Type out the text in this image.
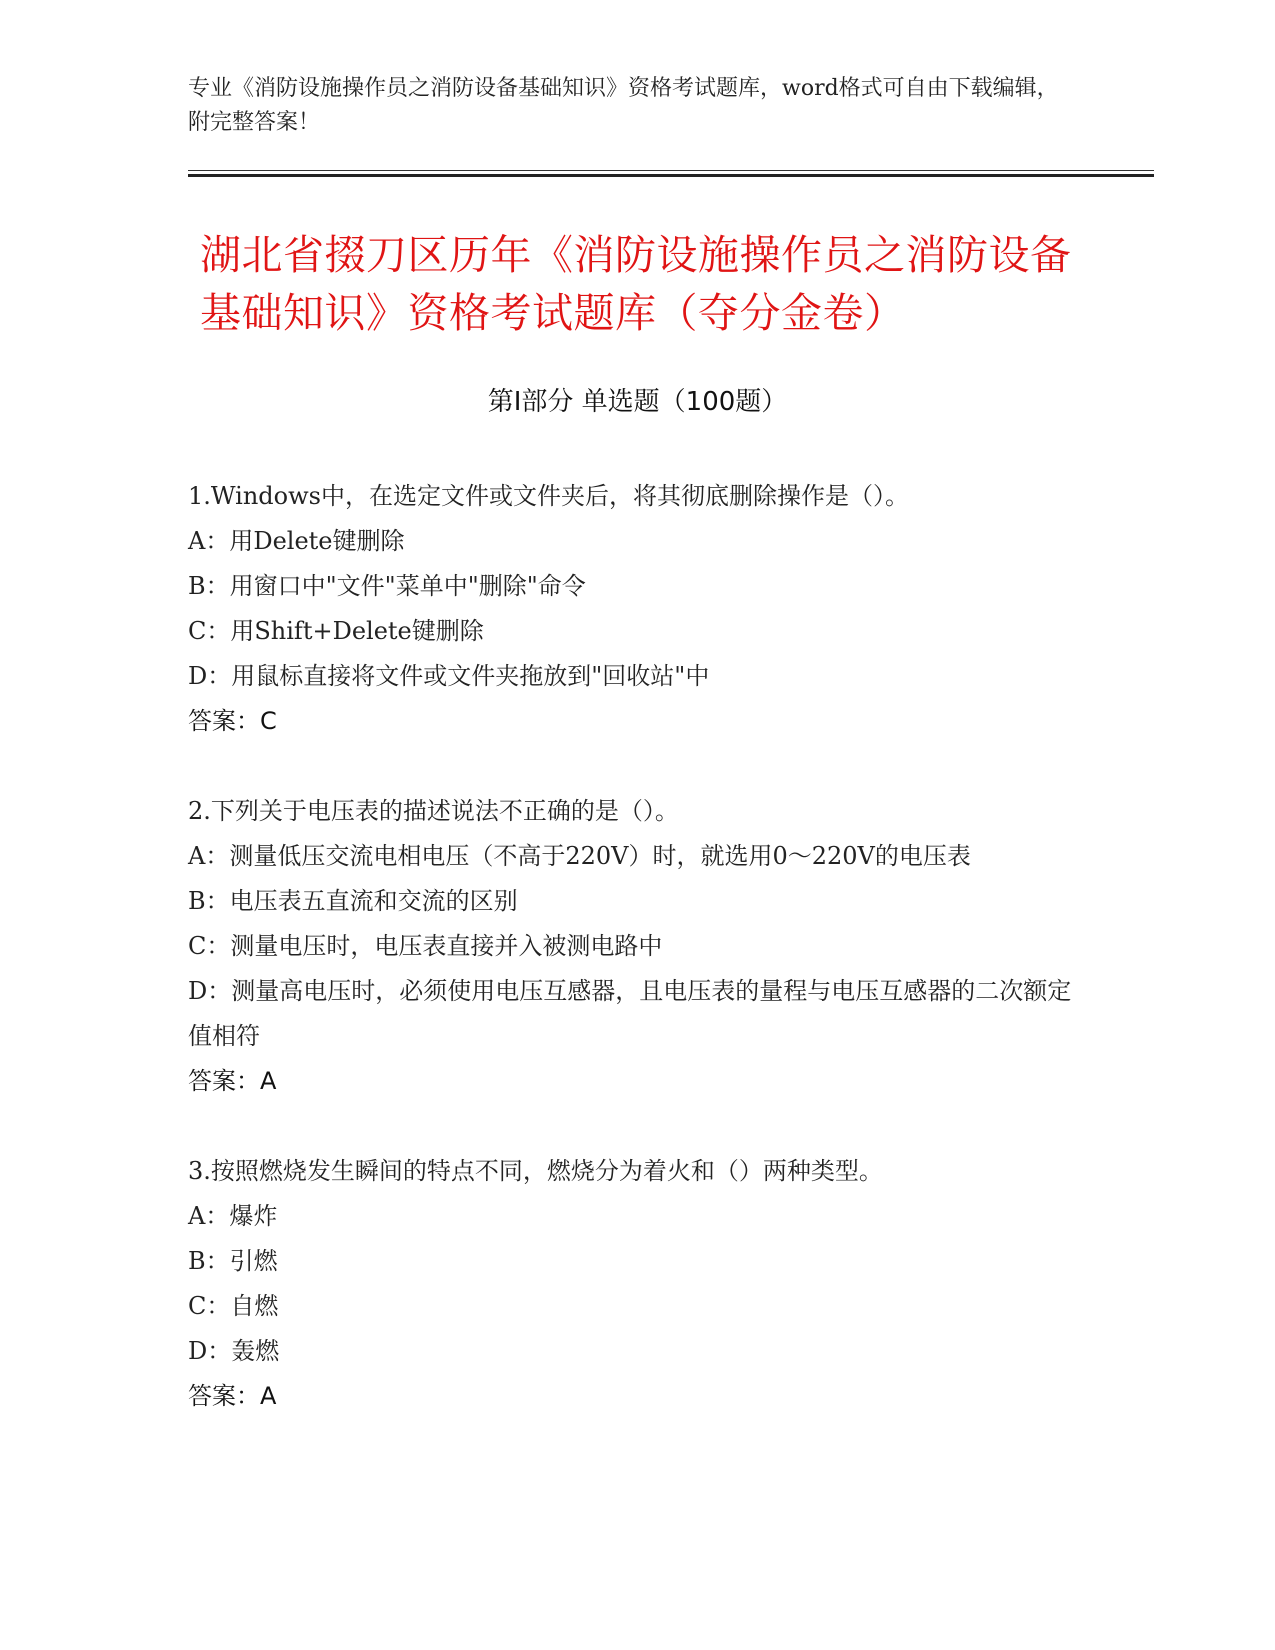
专业《消防设施操作员之消防设备基础知识》资格考试题库，word格式可自由下载编辑，附完整答案！
湖北省掇刀区历年《消防设施操作员之消防设备基础知识》资格考试题库（夺分金卷）
第I部分 单选题（100题）

1.Windows中，在选定文件或文件夹后，将其彻底删除操作是（）。

A：用Delete键删除

B：用窗口中"文件"菜单中"删除"命令

C：用Shift+Delete键删除

D：用鼠标直接将文件或文件夹拖放到"回收站"中

答案：C

2.下列关于电压表的描述说法不正确的是（）。

A：测量低压交流电相电压（不高于220V）时，就选用0～220V的电压表

B：电压表五直流和交流的区别

C：测量电压时，电压表直接并入被测电路中

D：测量高电压时，必须使用电压互感器，且电压表的量程与电压互感器的二次额定值相符

答案：A

3.按照燃烧发生瞬间的特点不同，燃烧分为着火和（）两种类型。

A：爆炸

B：引燃

C：自燃

D：轰燃

答案：A
